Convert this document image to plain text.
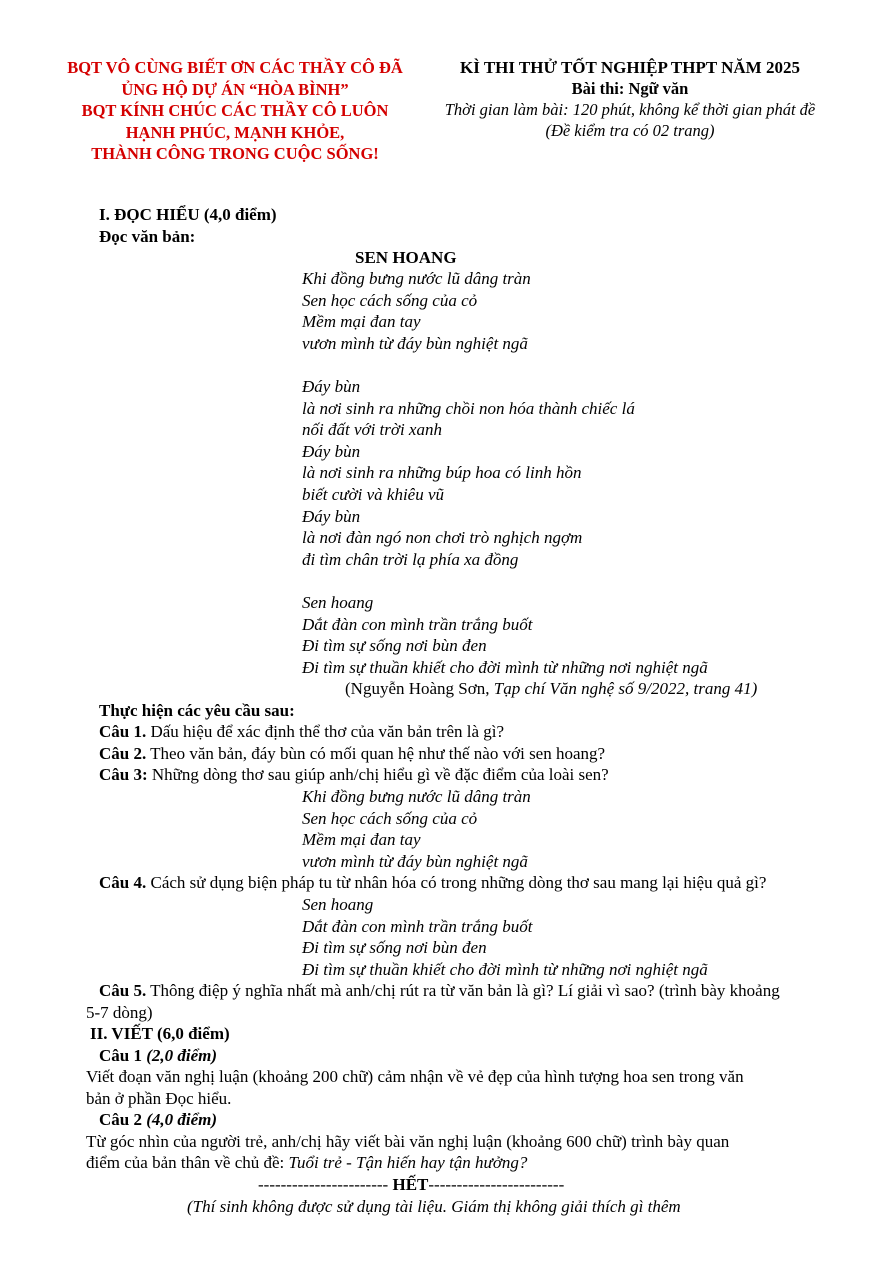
BQT VÔ CÙNG BIẾT ƠN CÁC THẦY CÔ ĐÃ
ỦNG HỘ DỰ ÁN “HÒA BÌNH”
BQT KÍNH CHÚC CÁC THẦY CÔ LUÔN
HẠNH PHÚC, MẠNH KHỎE,
THÀNH CÔNG TRONG CUỘC SỐNG!
KÌ THI THỬ TỐT NGHIỆP THPT NĂM 2025
Bài thi: Ngữ văn
Thời gian làm bài: 120 phút, không kể thời gian phát đề
(Đề kiểm tra có 02 trang)
I. ĐỌC HIỂU (4,0 điểm)
Đọc văn bản:
SEN HOANG
Khi đồng bưng nước lũ dâng tràn
Sen học cách sống của cỏ
Mềm mại đan tay
vươn mình từ đáy bùn nghiệt ngã
Đáy bùn
là nơi sinh ra những chồi non hóa thành chiếc lá
nối đất với trời xanh
Đáy bùn
là nơi sinh ra những búp hoa có linh hồn
biết cười và khiêu vũ
Đáy bùn
là nơi đàn ngó non chơi trò nghịch ngợm
đi tìm chân trời lạ phía xa đồng
Sen hoang
Dắt đàn con mình trần trắng buốt
Đi tìm sự sống nơi bùn đen
Đi tìm sự thuần khiết cho đời mình từ những nơi nghiệt ngã
(Nguyễn Hoàng Sơn, Tạp chí Văn nghệ số 9/2022, trang 41)
Thực hiện các yêu cầu sau:
Câu 1. Dấu hiệu để xác định thể thơ của văn bản trên là gì?
Câu 2. Theo văn bản, đáy bùn có mối quan hệ như thế nào với sen hoang?
Câu 3: Những dòng thơ sau giúp anh/chị hiểu gì về đặc điểm của loài sen?
Khi đồng bưng nước lũ dâng tràn
Sen học cách sống của cỏ
Mềm mại đan tay
vươn mình từ đáy bùn nghiệt ngã
Câu 4. Cách sử dụng biện pháp tu từ nhân hóa có trong những dòng thơ sau mang lại hiệu quả gì?
Sen hoang
Dắt đàn con mình trần trắng buốt
Đi tìm sự sống nơi bùn đen
Đi tìm sự thuần khiết cho đời mình từ những nơi nghiệt ngã
Câu 5. Thông điệp ý nghĩa nhất mà anh/chị rút ra từ văn bản là gì? Lí giải vì sao? (trình bày khoảng
5-7 dòng)
II. VIẾT (6,0 điểm)
Câu 1 (2,0 điểm)
Viết đoạn văn nghị luận (khoảng 200 chữ) cảm nhận về vẻ đẹp của hình tượng hoa sen trong văn
bản ở phần Đọc hiểu.
Câu 2 (4,0 điểm)
Từ góc nhìn của người trẻ, anh/chị hãy viết bài văn nghị luận (khoảng 600 chữ) trình bày quan
điểm của bản thân về chủ đề: Tuổi trẻ - Tận hiến hay tận hưởng?
----------------------- HẾT------------------------
(Thí sinh không được sử dụng tài liệu. Giám thị không giải thích gì thêm
